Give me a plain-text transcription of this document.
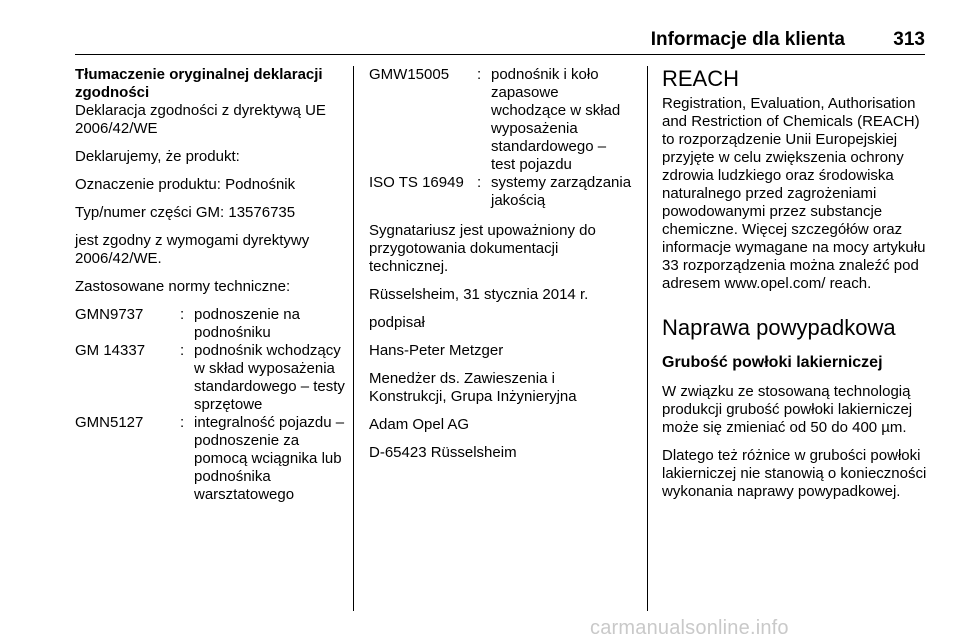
Informacje dla klienta	313

Tłumaczenie oryginalnej deklaracji zgodności

Deklaracja zgodności z dyrektywą UE 2006/42/WE

Deklarujemy, że produkt:

Oznaczenie produktu: Podnośnik

Typ/numer części GM: 13576735

jest zgodny z wymogami dyrektywy 2006/42/WE.

Zastosowane normy techniczne:

GMN9737	: podnoszenie na podnośniku
GM 14337	: podnośnik wchodzący w skład wyposażenia standardowego – testy sprzętowe
GMN5127	: integralność pojazdu – podnoszenie za pomocą wciągnika lub podnośnika warsztatowego
GMW15005	: podnośnik i koło zapasowe wchodzące w skład wyposażenia standardowego – test pojazdu
ISO TS 16949 : systemy zarządzania jakością

Sygnatariusz jest upoważniony do przygotowania dokumentacji technicznej.

Rüsselsheim, 31 stycznia 2014 r.

podpisał

Hans-Peter Metzger

Menedżer ds. Zawieszenia i Konstrukcji, Grupa Inżynieryjna

Adam Opel AG

D-65423 Rüsselsheim

REACH

Registration, Evaluation, Authorisation and Restriction of Chemicals (REACH) to rozporządzenie Unii Europejskiej przyjęte w celu zwiększenia ochrony zdrowia ludzkiego oraz środowiska naturalnego przed zagrożeniami powodowanymi przez substancje chemiczne. Więcej szczegółów oraz informacje wymagane na mocy artykułu 33 rozporządzenia można znaleźć pod adresem www.opel.com/ reach.

Naprawa powypadkowa

Grubość powłoki lakierniczej

W związku ze stosowaną technologią produkcji grubość powłoki lakierniczej może się zmieniać od 50 do 400 µm.

Dlatego też różnice w grubości powłoki lakierniczej nie stanowią o konieczności wykonania naprawy powypadkowej.

carmanualsonline.info
